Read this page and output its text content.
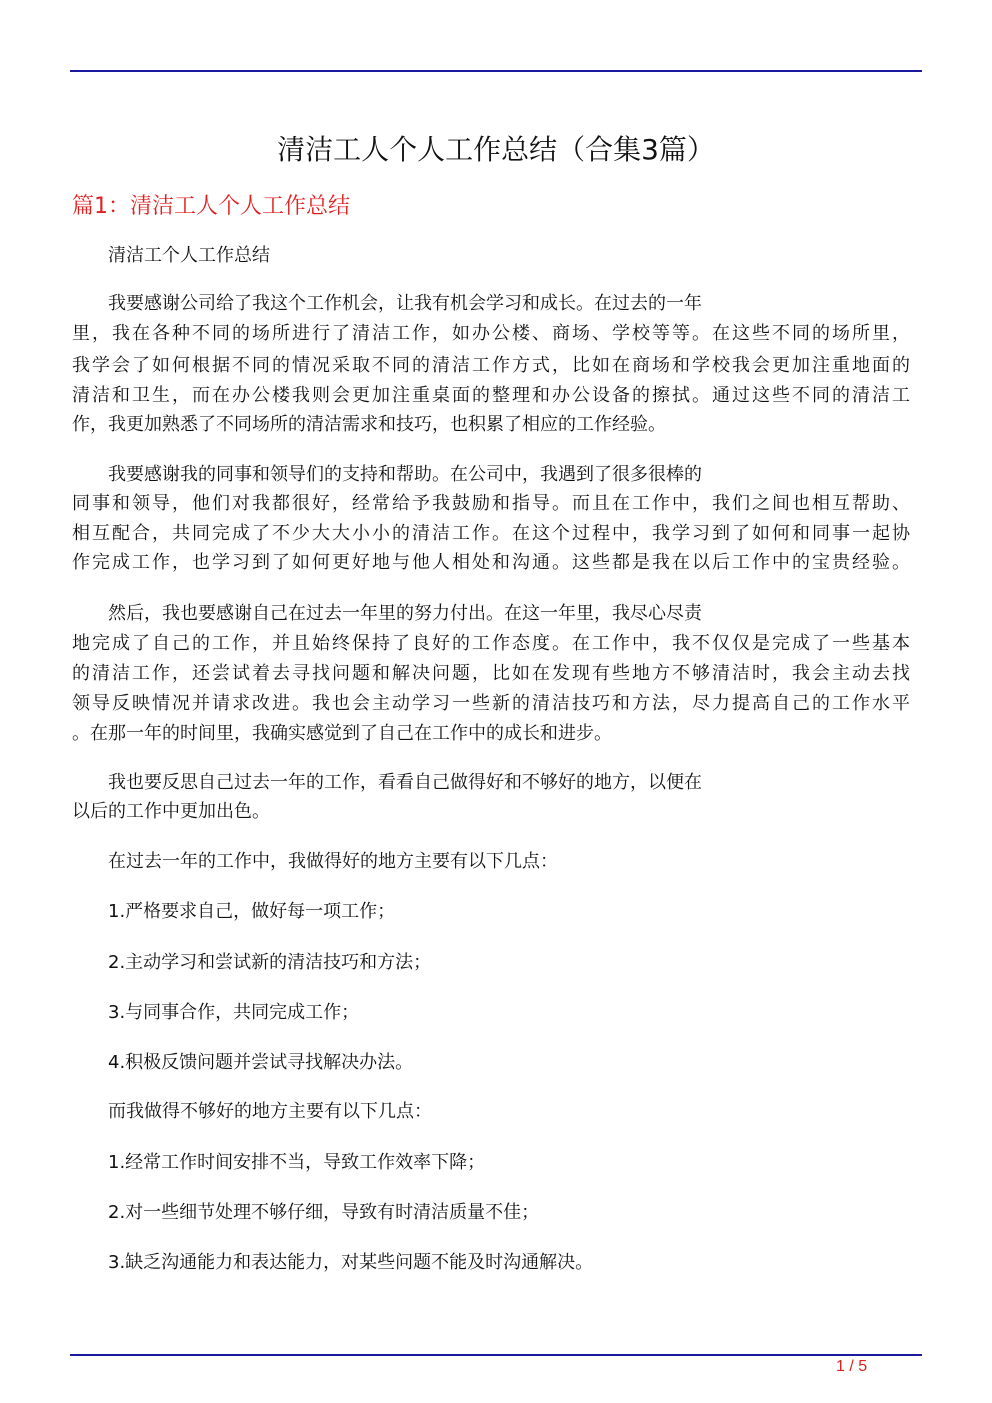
清洁工人个人工作总结（合集3篇）
篇1：清洁工人个人工作总结
清洁工个人工作总结
我要感谢公司给了我这个工作机会，让我有机会学习和成长。在过去的一年
里，我在各种不同的场所进行了清洁工作，如办公楼、商场、学校等等。在这些不同的场所里，
我学会了如何根据不同的情况采取不同的清洁工作方式，比如在商场和学校我会更加注重地面的
清洁和卫生，而在办公楼我则会更加注重桌面的整理和办公设备的擦拭。通过这些不同的清洁工
作，我更加熟悉了不同场所的清洁需求和技巧，也积累了相应的工作经验。
我要感谢我的同事和领导们的支持和帮助。在公司中，我遇到了很多很棒的
同事和领导，他们对我都很好，经常给予我鼓励和指导。而且在工作中，我们之间也相互帮助、
相互配合，共同完成了不少大大小小的清洁工作。在这个过程中，我学习到了如何和同事一起协
作完成工作，也学习到了如何更好地与他人相处和沟通。这些都是我在以后工作中的宝贵经验。
然后，我也要感谢自己在过去一年里的努力付出。在这一年里，我尽心尽责
地完成了自己的工作，并且始终保持了良好的工作态度。在工作中，我不仅仅是完成了一些基本
的清洁工作，还尝试着去寻找问题和解决问题，比如在发现有些地方不够清洁时，我会主动去找
领导反映情况并请求改进。我也会主动学习一些新的清洁技巧和方法，尽力提高自己的工作水平
。在那一年的时间里，我确实感觉到了自己在工作中的成长和进步。
我也要反思自己过去一年的工作，看看自己做得好和不够好的地方，以便在
以后的工作中更加出色。
在过去一年的工作中，我做得好的地方主要有以下几点：
1.严格要求自己，做好每一项工作；
2.主动学习和尝试新的清洁技巧和方法；
3.与同事合作，共同完成工作；
4.积极反馈问题并尝试寻找解决办法。
而我做得不够好的地方主要有以下几点：
1.经常工作时间安排不当，导致工作效率下降；
2.对一些细节处理不够仔细，导致有时清洁质量不佳；
3.缺乏沟通能力和表达能力，对某些问题不能及时沟通解决。
1 / 5
